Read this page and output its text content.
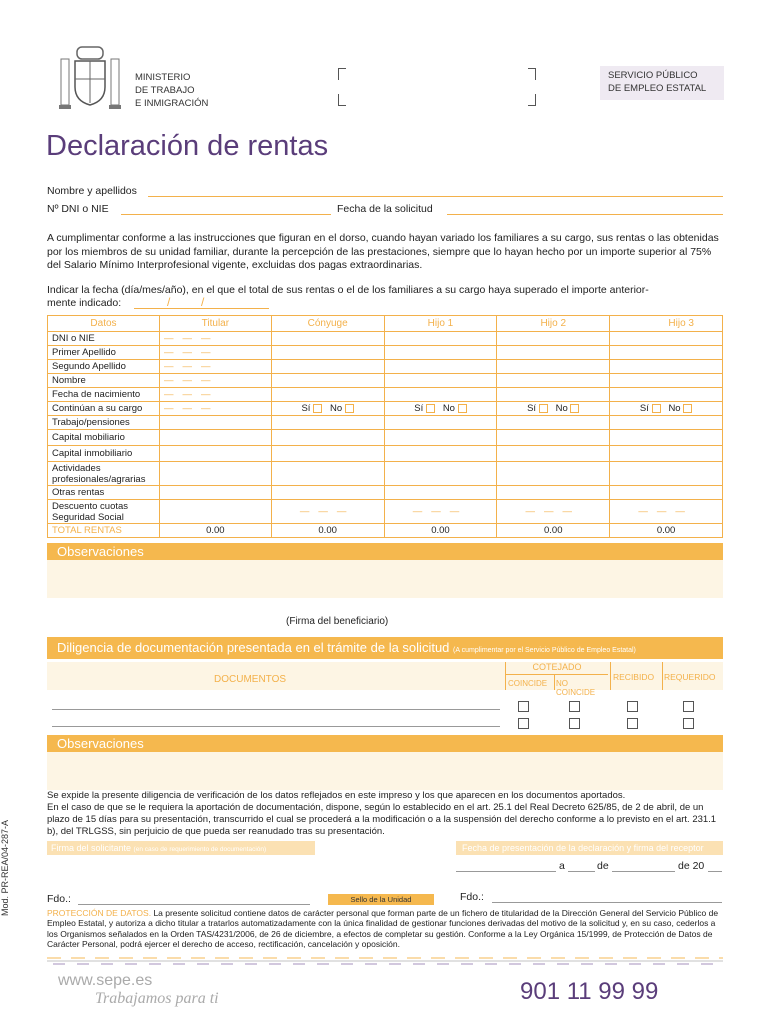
MINISTERIO
DE TRABAJO
E INMIGRACIÓN
SERVICIO PÚBLICO
DE EMPLEO ESTATAL
Declaración de rentas
Nombre y apellidos
Nº DNI o NIE	Fecha de la solicitud
A cumplimentar conforme a las instrucciones que figuran en el dorso, cuando hayan variado los familiares a su cargo, sus rentas o las obtenidas por los miembros de su unidad familiar, durante la percepción de las prestaciones, siempre que lo hayan hecho por un importe superior al 75% del Salario Mínimo Interprofesional vigente, excluidas dos pagas extraordinarias.
Indicar la fecha (día/mes/año), en el que el total de sus rentas o el de los familiares a su cargo haya superado el importe anterior-
mente indicado:	/	/
Datos	Titular	Cónyuge	Hijo 1	Hijo 2	Hijo 3
DNI o NIE	———				
Primer Apellido	———				
Segundo Apellido	———				
Nombre	———				
Fecha de nacimiento	———				
Continúan a su cargo	———	Sí No	Sí No	Sí No	Sí No
Trabajo/pensiones					
Capital mobiliario					
Capital inmobiliario					
Actividades profesionales/agrarias					
Otras rentas					
Descuento cuotas Seguridad Social		———	———	———	———
TOTAL RENTAS	0.00	0.00	0.00	0.00	0.00
Observaciones
(Firma del beneficiario)
Diligencia de documentación presentada en el trámite de la solicitud (A cumplimentar por el Servicio Público de Empleo Estatal)
DOCUMENTOS
COTEJADO
COINCIDE NO COINCIDE
RECIBIDO REQUERIDO
Observaciones
Se expide la presente diligencia de verificación de los datos reflejados en este impreso y los que aparecen en los documentos aportados.
En el caso de que se le requiera la aportación de documentación, dispone, según lo establecido en el art. 25.1 del Real Decreto 625/85, de 2 de abril, de un plazo de 15 días para su presentación, transcurrido el cual se procederá a la modificación o a la suspensión del derecho conforme a lo previsto en el art. 231.1 b), del TRLGSS, sin perjuicio de que pueda ser reanudado tras su presentación.
Firma del solicitante (en caso de requerimiento de documentación)	Fecha de presentación de la declaración y firma del receptor
a	de	de 20
Fdo.:	Sello de la Unidad	Fdo.:
PROTECCIÓN DE DATOS. La presente solicitud contiene datos de carácter personal que forman parte de un fichero de titularidad de la Dirección General del Servicio Público de Empleo Estatal, y autoriza a dicho titular a tratarlos automatizadamente con la única finalidad de gestionar funciones derivadas del motivo de la solicitud y, en su caso, cederlos a los Organismos señalados en la Orden TAS/4231/2006, de 26 de diciembre, a efectos de completar su gestión. Conforme a la Ley Orgánica 15/1999, de Protección de Datos de Carácter Personal, podrá ejercer el derecho de acceso, rectificación, cancelación y oposición.
Mod. PR-REA/04-287-A
www.sepe.es
Trabajamos para ti	901 11 99 99
